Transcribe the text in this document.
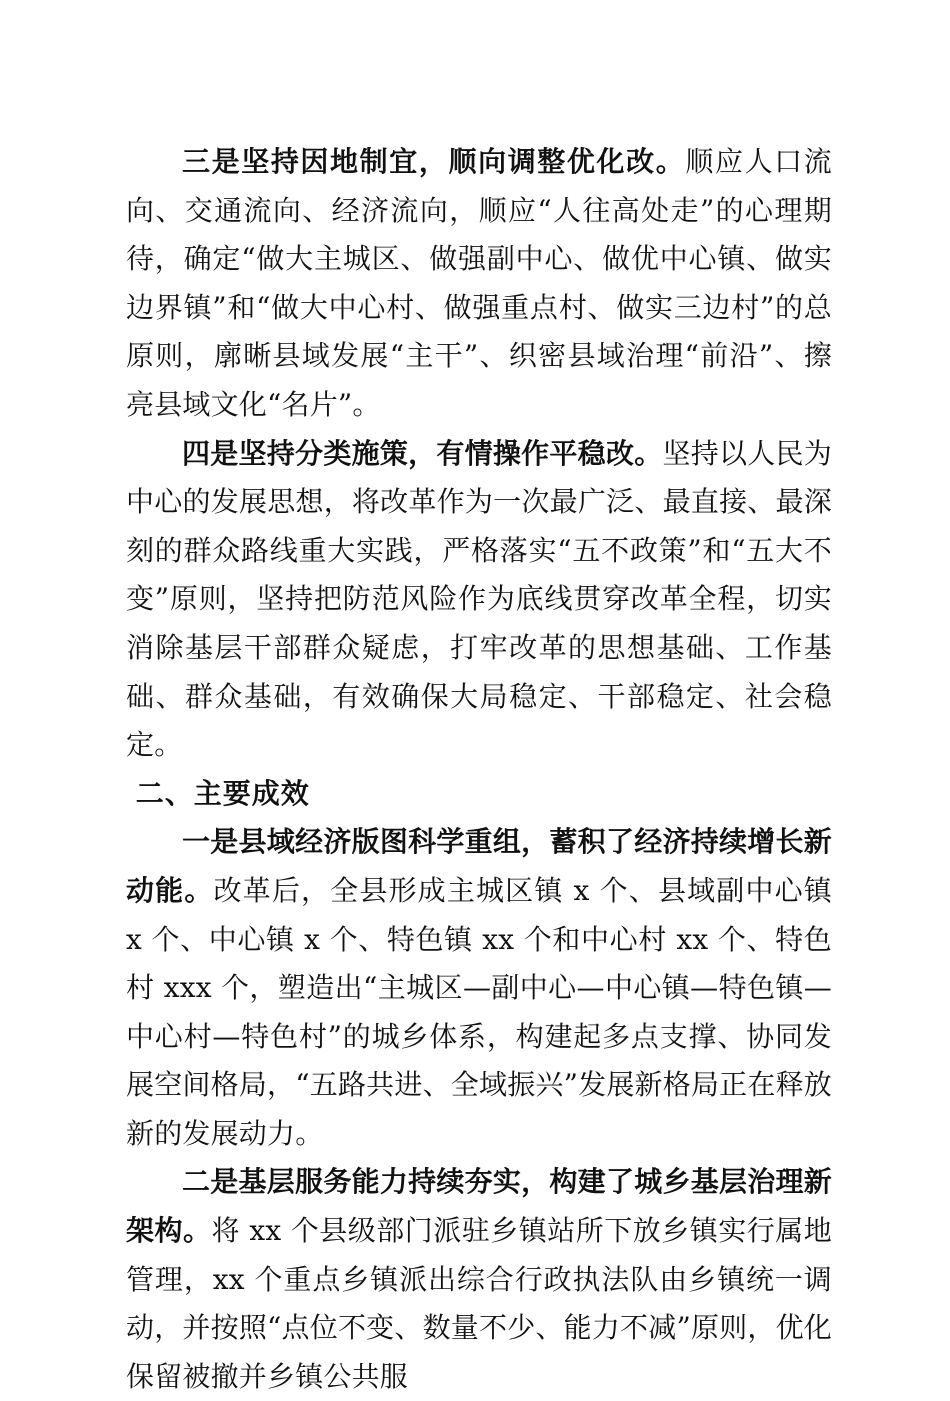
三是坚持因地制宜，顺向调整优化改。顺应人口流向、交通流向、经济流向，顺应“人往高处走”的心理期待，确定“做大主城区、做强副中心、做优中心镇、做实边界镇”和“做大中心村、做强重点村、做实三边村”的总原则，廓晰县域发展“主干”、织密县域治理“前沿”、擦亮县域文化“名片”。

四是坚持分类施策，有情操作平稳改。坚持以人民为中心的发展思想，将改革作为一次最广泛、最直接、最深刻的群众路线重大实践，严格落实“五不政策”和“五大不变”原则，坚持把防范风险作为底线贯穿改革全程，切实消除基层干部群众疑虑，打牢改革的思想基础、工作基础、群众基础，有效确保大局稳定、干部稳定、社会稳定。

二、主要成效

一是县域经济版图科学重组，蓄积了经济持续增长新动能。改革后，全县形成主城区镇 x 个、县域副中心镇 x 个、中心镇 x 个、特色镇 xx 个和中心村 xx 个、特色村 xxx 个，塑造出“主城区—副中心—中心镇—特色镇—中心村—特色村”的城乡体系，构建起多点支撑、协同发展空间格局，“五路共进、全域振兴”发展新格局正在释放新的发展动力。

二是基层服务能力持续夯实，构建了城乡基层治理新架构。将 xx 个县级部门派驻乡镇站所下放乡镇实行属地管理，xx 个重点乡镇派出综合行政执法队由乡镇统一调动，并按照“点位不变、数量不少、能力不减”原则，优化保留被撤并乡镇公共服
